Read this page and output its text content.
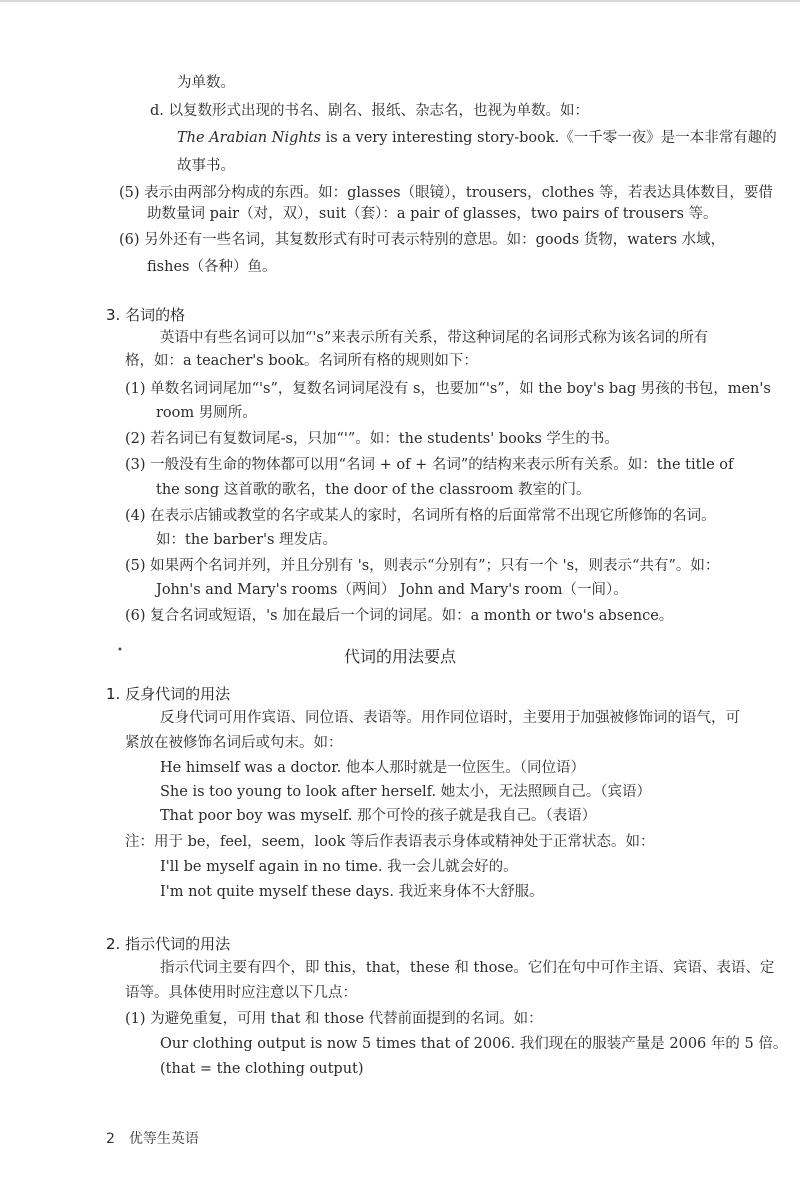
为单数。
d. 以复数形式出现的书名、剧名、报纸、杂志名，也视为单数。如：
The Arabian Nights is a very interesting story-book.《一千零一夜》是一本非常有趣的
故事书。
(5) 表示由两部分构成的东西。如：glasses（眼镜），trousers，clothes 等，若表达具体数目，要借
助数量词 pair（对，双），suit（套）：a pair of glasses，two pairs of trousers 等。
(6) 另外还有一些名词，其复数形式有时可表示特别的意思。如：goods 货物，waters 水域，
fishes（各种）鱼。
3. 名词的格
英语中有些名词可以加“'s”来表示所有关系，带这种词尾的名词形式称为该名词的所有
格，如：a teacher's book。名词所有格的规则如下：
(1) 单数名词词尾加“'s”，复数名词词尾没有 s，也要加“'s”，如 the boy's bag 男孩的书包，men's
room 男厕所。
(2) 若名词已有复数词尾-s，只加“'”。如：the students' books 学生的书。
(3) 一般没有生命的物体都可以用“名词 + of + 名词”的结构来表示所有关系。如：the title of
the song 这首歌的歌名，the door of the classroom 教室的门。
(4) 在表示店铺或教堂的名字或某人的家时，名词所有格的后面常常不出现它所修饰的名词。
如：the barber's 理发店。
(5) 如果两个名词并列，并且分别有 's，则表示“分别有”；只有一个 's，则表示“共有”。如：
John's and Mary's rooms（两间） John and Mary's room（一间）。
(6) 复合名词或短语，'s 加在最后一个词的词尾。如：a month or two's absence。
•	代词的用法要点
1. 反身代词的用法
反身代词可用作宾语、同位语、表语等。用作同位语时，主要用于加强被修饰词的语气，可
紧放在被修饰名词后或句末。如：
He himself was a doctor. 他本人那时就是一位医生。（同位语）
She is too young to look after herself. 她太小，无法照顾自己。（宾语）
That poor boy was myself. 那个可怜的孩子就是我自己。（表语）
注：用于 be，feel，seem，look 等后作表语表示身体或精神处于正常状态。如：
I'll be myself again in no time. 我一会儿就会好的。
I'm not quite myself these days. 我近来身体不大舒服。
2. 指示代词的用法
指示代词主要有四个，即 this，that，these 和 those。它们在句中可作主语、宾语、表语、定
语等。具体使用时应注意以下几点：
(1) 为避免重复，可用 that 和 those 代替前面提到的名词。如：
Our clothing output is now 5 times that of 2006. 我们现在的服装产量是 2006 年的 5 倍。
(that = the clothing output)
2 优等生英语
